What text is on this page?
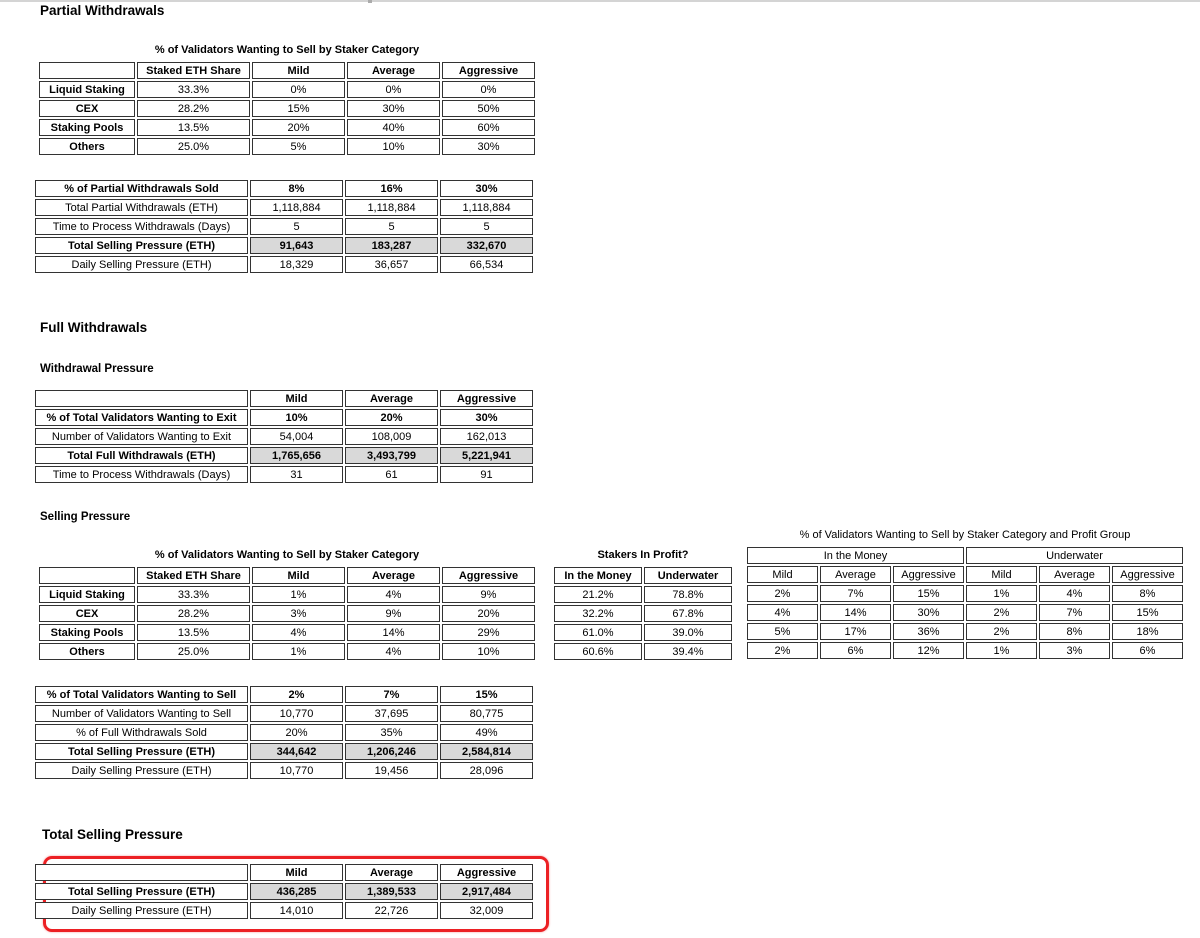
Partial Withdrawals
% of Validators Wanting to Sell by Staker Category
	Staked ETH Share	Mild	Average	Aggressive
Liquid Staking	33.3%	0%	0%	0%
CEX	28.2%	15%	30%	50%
Staking Pools	13.5%	20%	40%	60%
Others	25.0%	5%	10%	30%
% of Partial Withdrawals Sold	8%	16%	30%
Total Partial Withdrawals (ETH)	1,118,884	1,118,884	1,118,884
Time to Process Withdrawals (Days)	5	5	5
Total Selling Pressure (ETH)	91,643	183,287	332,670
Daily Selling Pressure (ETH)	18,329	36,657	66,534
Full Withdrawals
Withdrawal Pressure
	Mild	Average	Aggressive
% of Total Validators Wanting to Exit	10%	20%	30%
Number of Validators Wanting to Exit	54,004	108,009	162,013
Total Full Withdrawals (ETH)	1,765,656	3,493,799	5,221,941
Time to Process Withdrawals (Days)	31	61	91
Selling Pressure
% of Validators Wanting to Sell by Staker Category
	Staked ETH Share	Mild	Average	Aggressive
Liquid Staking	33.3%	1%	4%	9%
CEX	28.2%	3%	9%	20%
Staking Pools	13.5%	4%	14%	29%
Others	25.0%	1%	4%	10%
Stakers In Profit?
In the Money	Underwater
21.2%	78.8%
32.2%	67.8%
61.0%	39.0%
60.6%	39.4%
% of Validators Wanting to Sell by Staker Category and Profit Group
In the Money			Underwater		
Mild	Average	Aggressive	Mild	Average	Aggressive
2%	7%	15%	1%	4%	8%
4%	14%	30%	2%	7%	15%
5%	17%	36%	2%	8%	18%
2%	6%	12%	1%	3%	6%
% of Total Validators Wanting to Sell	2%	7%	15%
Number of Validators Wanting to Sell	10,770	37,695	80,775
% of Full Withdrawals Sold	20%	35%	49%
Total Selling Pressure (ETH)	344,642	1,206,246	2,584,814
Daily Selling Pressure (ETH)	10,770	19,456	28,096
Total Selling Pressure
	Mild	Average	Aggressive
Total Selling Pressure (ETH)	436,285	1,389,533	2,917,484
Daily Selling Pressure (ETH)	14,010	22,726	32,009
